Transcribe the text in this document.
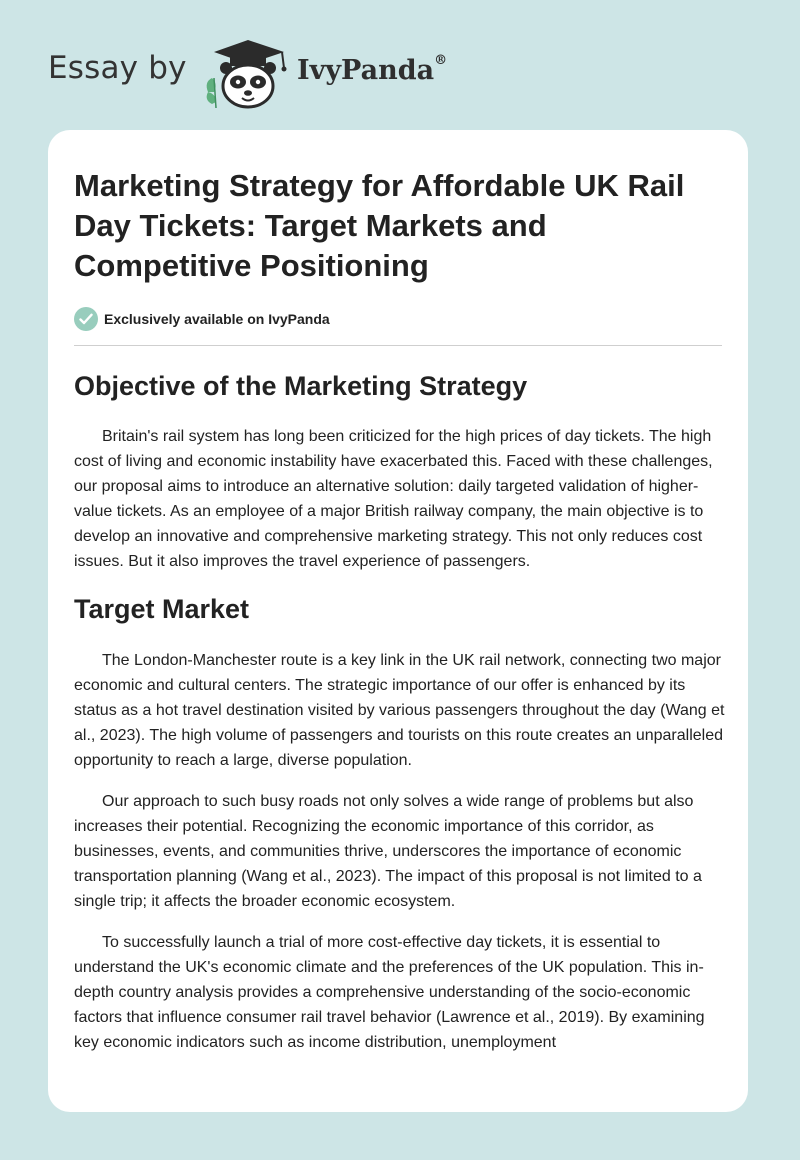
Essay by	IvyPanda®
Marketing Strategy for Affordable UK Rail Day Tickets: Target Markets and Competitive Positioning
Exclusively available on IvyPanda
Objective of the Marketing Strategy

Britain's rail system has long been criticized for the high prices of day tickets. The high cost of living and economic instability have exacerbated this. Faced with these challenges, our proposal aims to introduce an alternative solution: daily targeted validation of higher-value tickets. As an employee of a major British railway company, the main objective is to develop an innovative and comprehensive marketing strategy. This not only reduces cost issues. But it also improves the travel experience of passengers.

Target Market

The London-Manchester route is a key link in the UK rail network, connecting two major economic and cultural centers. The strategic importance of our offer is enhanced by its status as a hot travel destination visited by various passengers throughout the day (Wang et al., 2023). The high volume of passengers and tourists on this route creates an unparalleled opportunity to reach a large, diverse population.

Our approach to such busy roads not only solves a wide range of problems but also increases their potential. Recognizing the economic importance of this corridor, as businesses, events, and communities thrive, underscores the importance of economic transportation planning (Wang et al., 2023). The impact of this proposal is not limited to a single trip; it affects the broader economic ecosystem.

To successfully launch a trial of more cost-effective day tickets, it is essential to understand the UK's economic climate and the preferences of the UK population. This in-depth country analysis provides a comprehensive understanding of the socio-economic factors that influence consumer rail travel behavior (Lawrence et al., 2019). By examining key economic indicators such as income distribution, unemployment
